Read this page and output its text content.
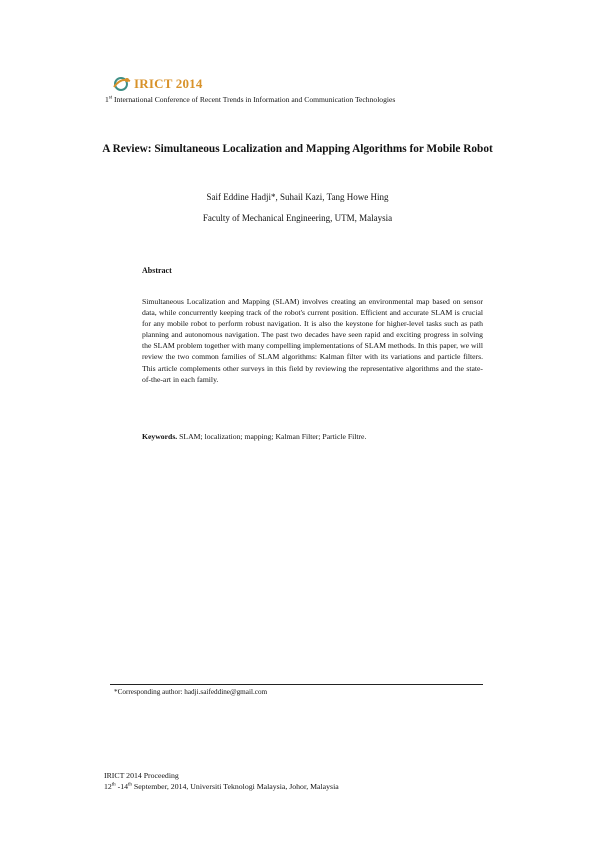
IRICT 2014
1st International Conference of Recent Trends in Information and Communication Technologies
A Review: Simultaneous Localization and Mapping Algorithms for Mobile Robot
Saif Eddine Hadji*, Suhail Kazi, Tang Howe Hing
Faculty of Mechanical Engineering, UTM, Malaysia
Abstract
Simultaneous Localization and Mapping (SLAM) involves creating an environmental map based on sensor data, while concurrently keeping track of the robot's current position. Efficient and accurate SLAM is crucial for any mobile robot to perform robust navigation. It is also the keystone for higher-level tasks such as path planning and autonomous navigation. The past two decades have seen rapid and exciting progress in solving the SLAM problem together with many compelling implementations of SLAM methods. In this paper, we will review the two common families of SLAM algorithms: Kalman filter with its variations and particle filters. This article complements other surveys in this field by reviewing the representative algorithms and the state-of-the-art in each family.
Keywords. SLAM; localization; mapping; Kalman Filter; Particle Filtre.
*Corresponding author: hadji.saifeddine@gmail.com
IRICT 2014 Proceeding
12th -14th September, 2014, Universiti Teknologi Malaysia, Johor, Malaysia
